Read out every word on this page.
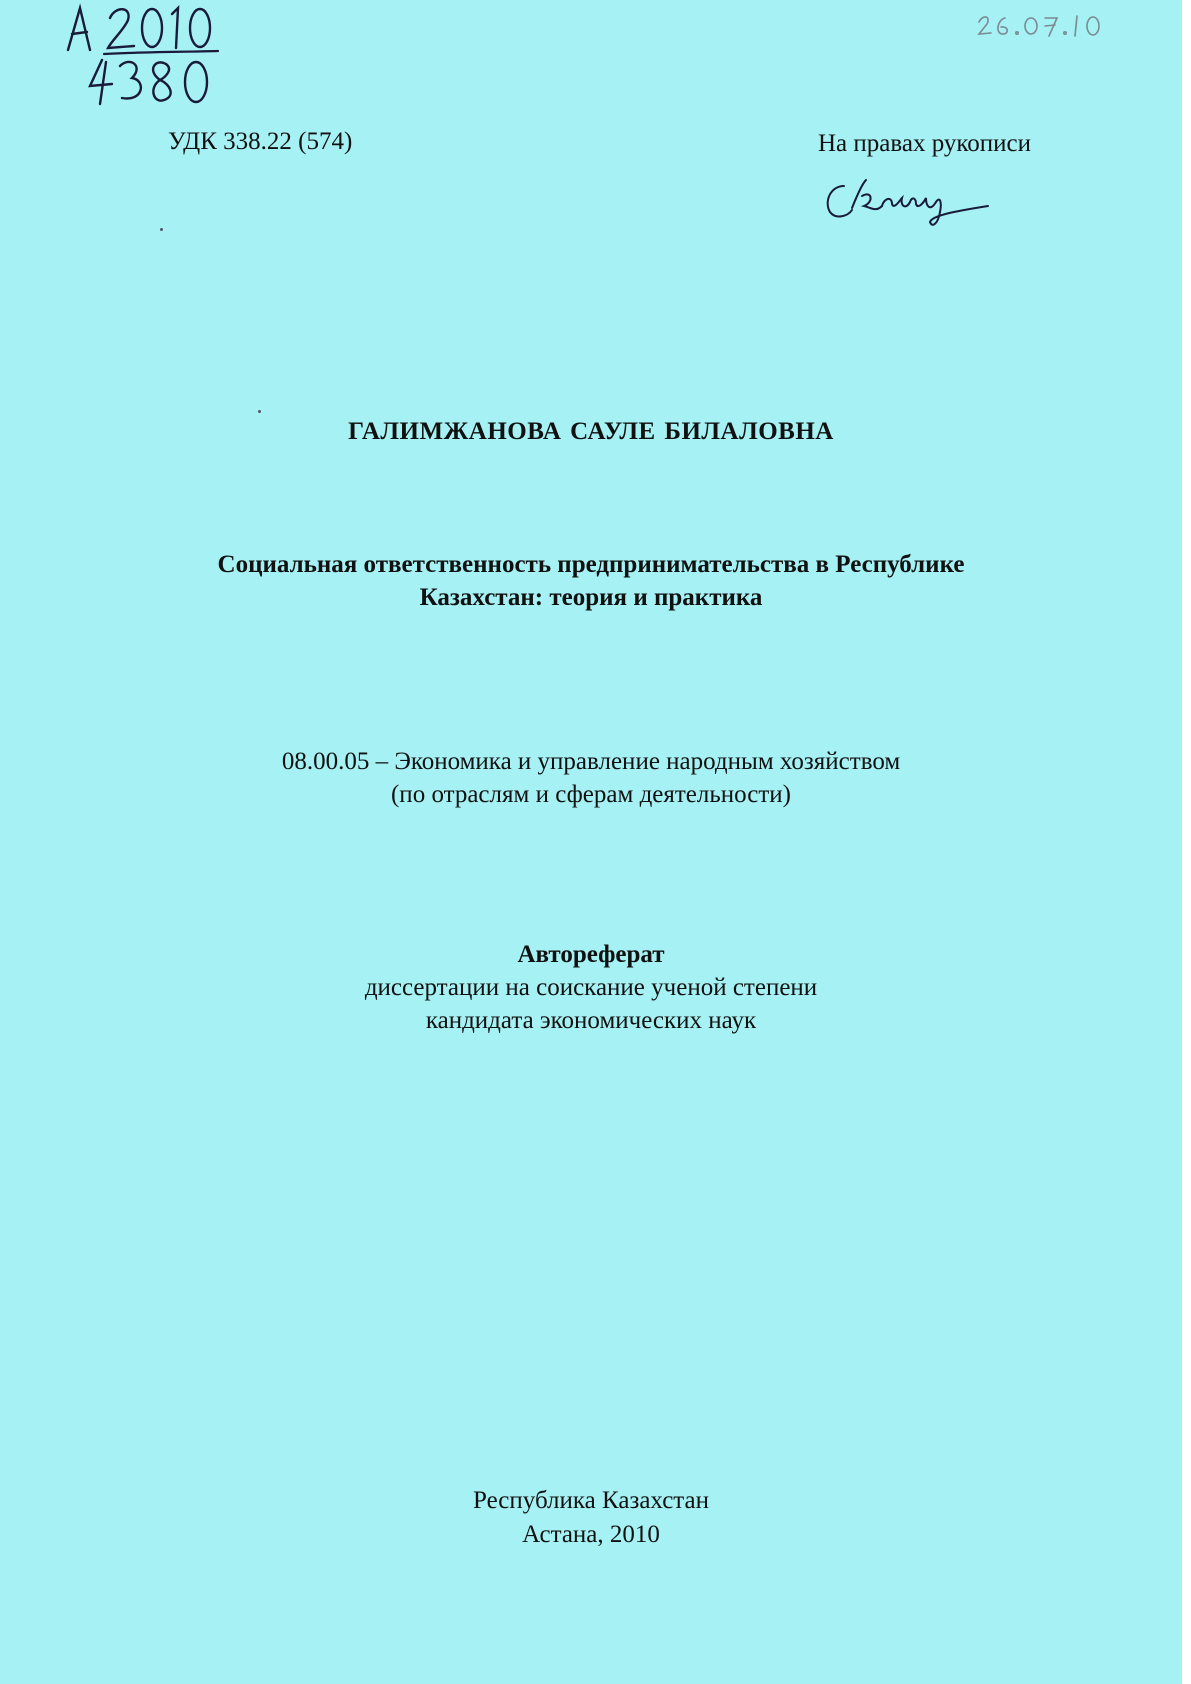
УДК 338.22 (574)	На правах рукописи
ГАЛИМЖАНОВА САУЛЕ БИЛАЛОВНА
Социальная ответственность предпринимательства в Республике
Казахстан: теория и практика
08.00.05 – Экономика и управление народным хозяйством
(по отраслям и сферам деятельности)
Автореферат
диссертации на соискание ученой степени
кандидата экономических наук
Республика Казахстан
Астана, 2010
